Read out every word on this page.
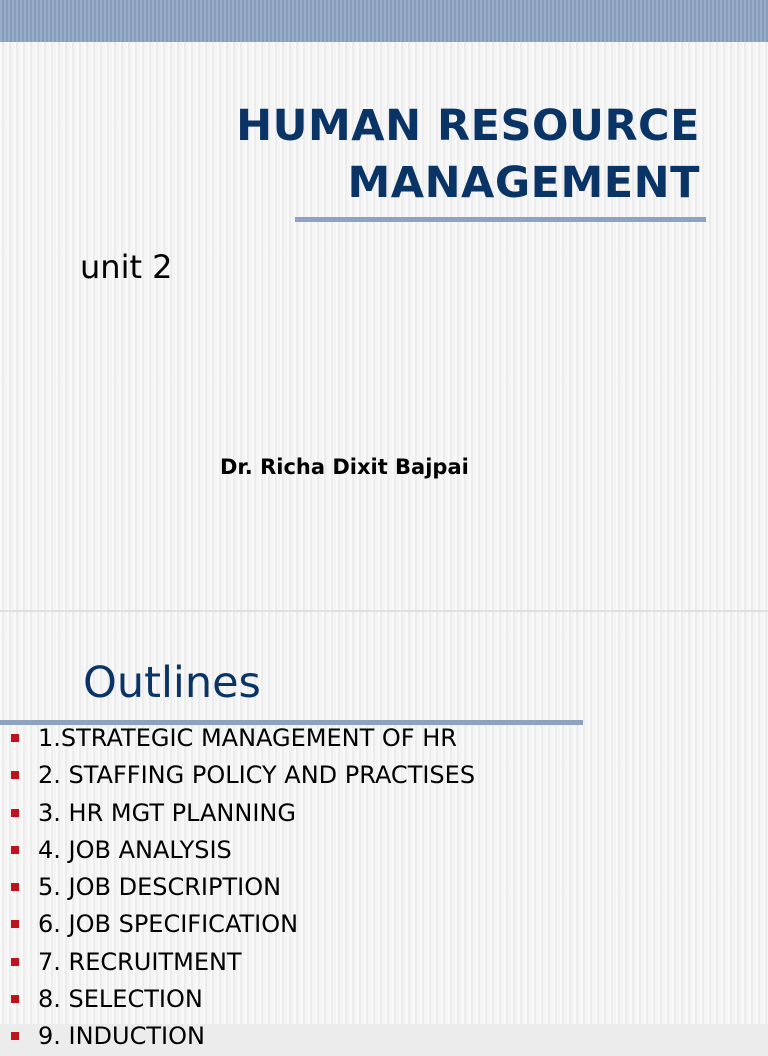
HUMAN RESOURCE
MANAGEMENT
unit 2
Dr. Richa Dixit Bajpai
Outlines
1.STRATEGIC MANAGEMENT OF HR
2. STAFFING POLICY AND PRACTISES
3. HR MGT PLANNING
4. JOB ANALYSIS
5. JOB DESCRIPTION
6. JOB SPECIFICATION
7. RECRUITMENT
8. SELECTION
9. INDUCTION
